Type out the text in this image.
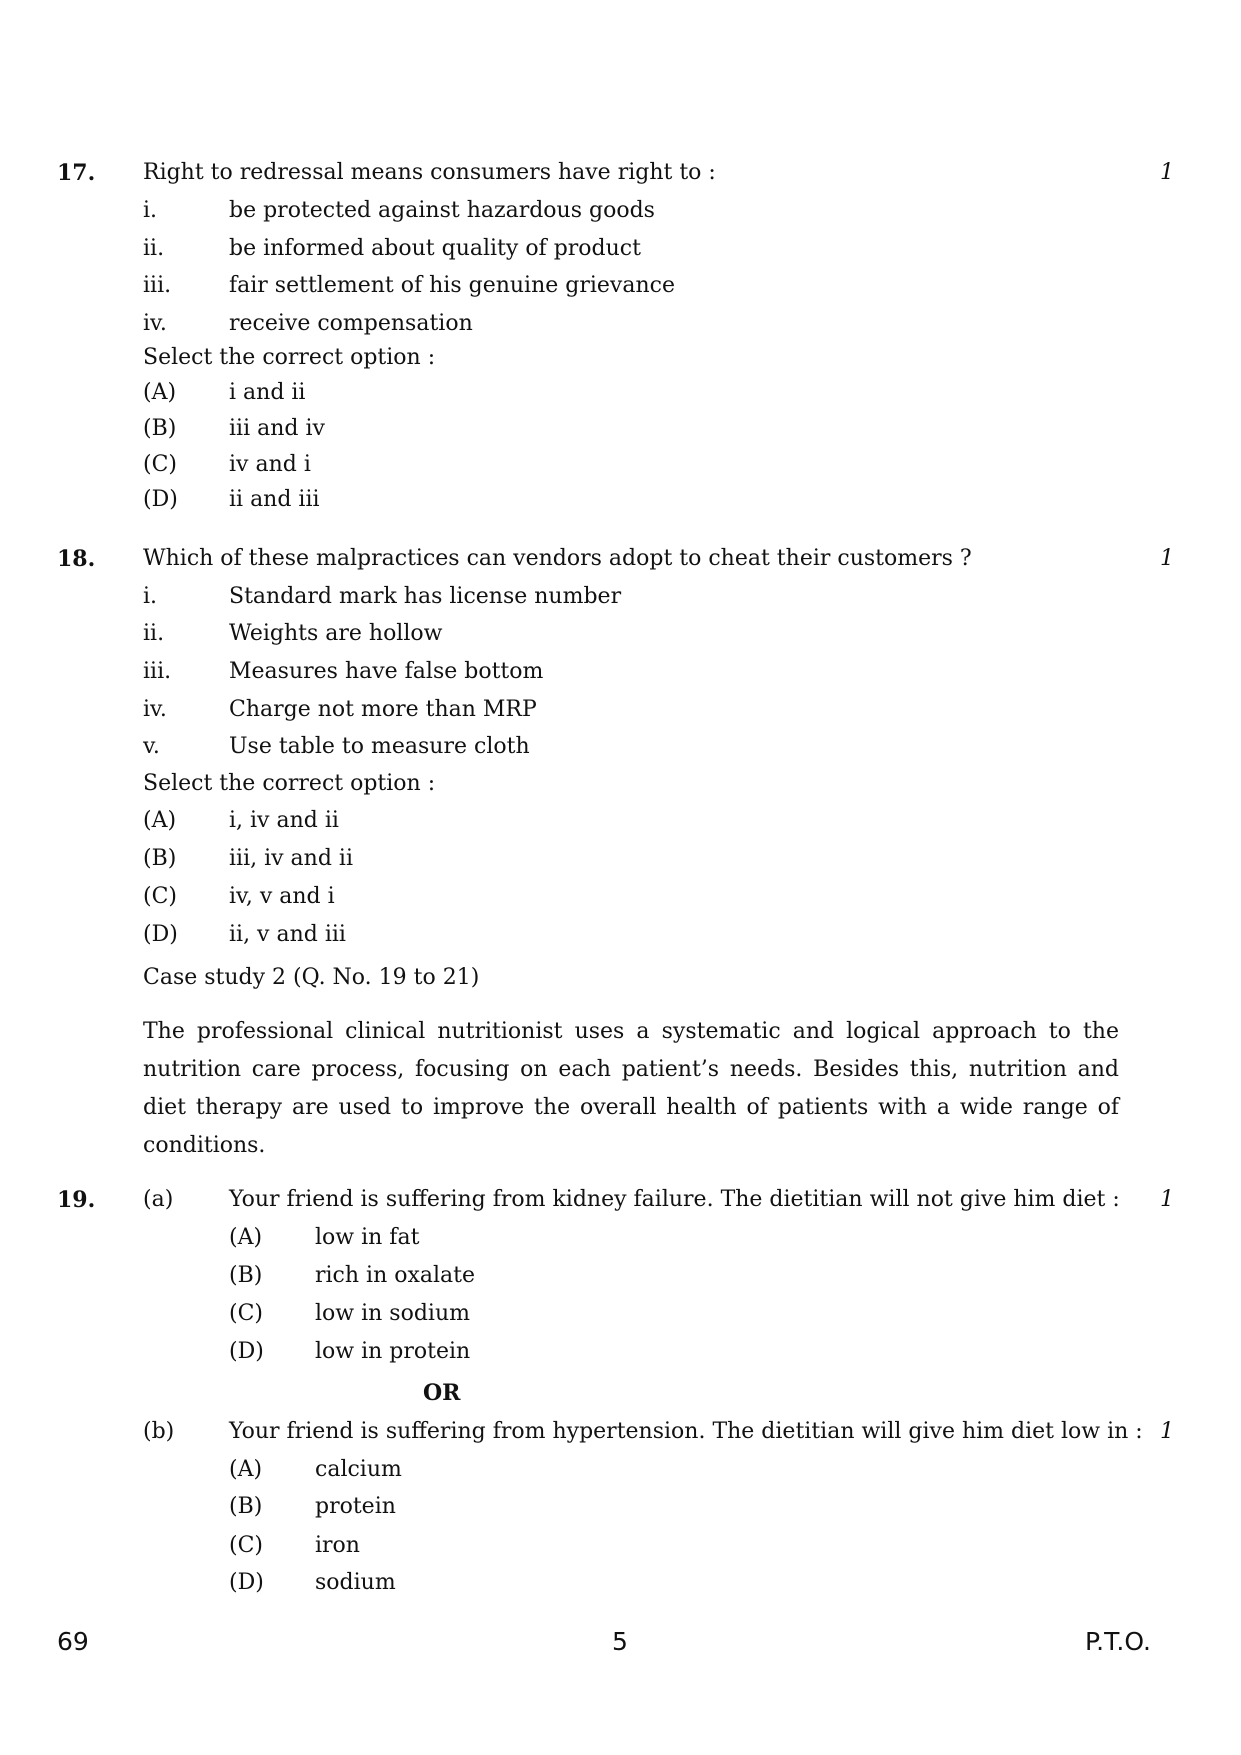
17. Right to redressal means consumers have right to :	1
i.	be protected against hazardous goods
ii.	be informed about quality of product
iii.	fair settlement of his genuine grievance
iv.	receive compensation
Select the correct option :
(A) i and ii
(B) iii and iv
(C) iv and i
(D) ii and iii
18. Which of these malpractices can vendors adopt to cheat their customers ?	1
i.	Standard mark has license number
ii.	Weights are hollow
iii.	Measures have false bottom
iv.	Charge not more than MRP
v.	Use table to measure cloth
Select the correct option :
(A) i, iv and ii
(B) iii, iv and ii
(C) iv, v and i
(D) ii, v and iii
Case study 2 (Q. No. 19 to 21)
The professional clinical nutritionist uses a systematic and logical approach to the nutrition care process, focusing on each patient’s needs. Besides this, nutrition and diet therapy are used to improve the overall health of patients with a wide range of conditions.
19. (a)	Your friend is suffering from kidney failure. The dietitian will not give him diet : 1
(A) low in fat
(B) rich in oxalate
(C) low in sodium
(D) low in protein
OR
(b) Your friend is suffering from hypertension. The dietitian will give him diet low in : 1
(A) calcium
(B) protein
(C) iron
(D) sodium
69	5	P.T.O.
